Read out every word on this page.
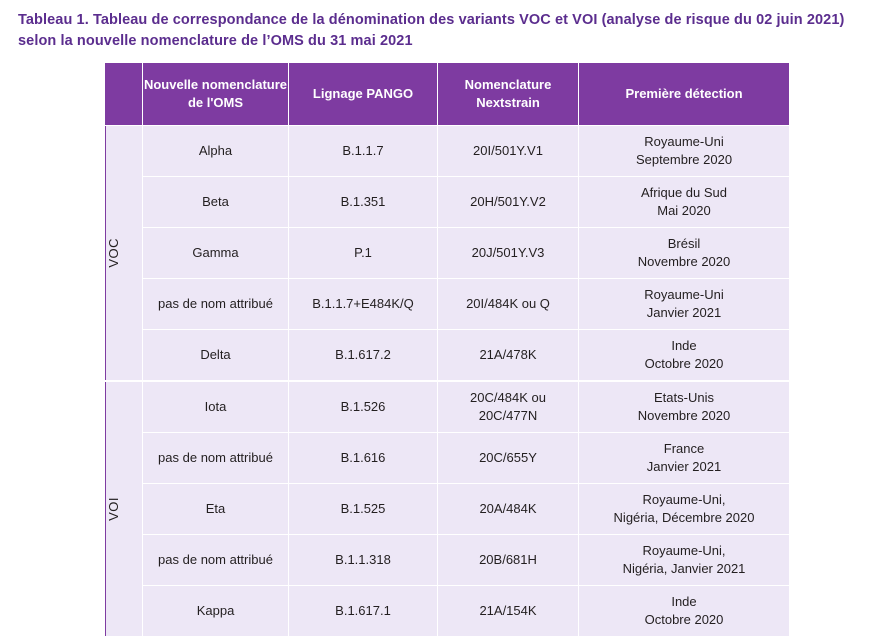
Tableau 1. Tableau de correspondance de la dénomination des variants VOC et VOI (analyse de risque du 02 juin 2021) selon la nouvelle nomenclature de l’OMS du 31 mai 2021
	Nouvelle nomenclature de l'OMS	Lignage PANGO	Nomenclature Nextstrain	Première détection

VOC	Alpha	B.1.1.7	20I/501Y.V1	Royaume-Uni
Septembre 2020

	Beta	B.1.351	20H/501Y.V2	Afrique du Sud
Mai 2020

	Gamma	P.1	20J/501Y.V3	Brésil
Novembre 2020

	pas de nom attribué	B.1.1.7+E484K/Q	20I/484K ou Q	Royaume-Uni
Janvier 2021

	Delta	B.1.617.2	21A/478K	Inde
Octobre 2020

VOI	Iota	B.1.526	20C/484K ou
20C/477N	Etats-Unis
Novembre 2020

	pas de nom attribué	B.1.616	20C/655Y	France
Janvier 2021

	Eta	B.1.525	20A/484K	Royaume-Uni,
Nigéria, Décembre 2020

	pas de nom attribué	B.1.1.318	20B/681H	Royaume-Uni,
Nigéria, Janvier 2021

	Kappa	B.1.617.1	21A/154K	Inde
Octobre 2020
